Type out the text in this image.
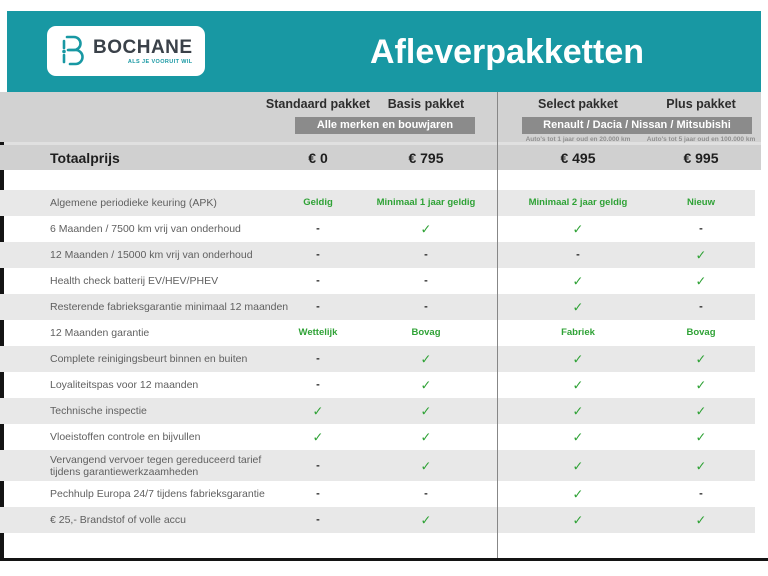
BOCHANE
ALS JE VOORUIT WIL	Afleverpakketten
Standaard pakket	Basis pakket	Select pakket	Plus pakket
Alle merken en bouwjaren	Renault / Dacia / Nissan / Mitsubishi
Auto's tot 1 jaar oud en 20.000 km	Auto's tot 5 jaar oud en 100.000 km
Totaalprijs	€ 0	€ 795	€ 495	€ 995
Algemene periodieke keuring (APK)	Geldig	Minimaal 1 jaar geldig	Minimaal 2 jaar geldig	Nieuw
6 Maanden / 7500 km vrij van onderhoud	-	✓	✓	-
12 Maanden / 15000 km vrij van onderhoud	-	-	-	✓
Health check batterij EV/HEV/PHEV	-	-	✓	✓
Resterende fabrieksgarantie minimaal 12 maanden	-	-	✓	-
12 Maanden garantie	Wettelijk	Bovag	Fabriek	Bovag
Complete reinigingsbeurt binnen en buiten	-	✓	✓	✓
Loyaliteitspas voor 12 maanden	-	✓	✓	✓
Technische inspectie	✓	✓	✓	✓
Vloeistoffen controle en bijvullen	✓	✓	✓	✓
Vervangend vervoer tegen gereduceerd tarief
tijdens garantiewerkzaamheden
-	✓	✓	✓
Pechhulp Europa 24/7 tijdens fabrieksgarantie	-	-	✓	-
€ 25,- Brandstof of volle accu	-	✓	✓	✓
